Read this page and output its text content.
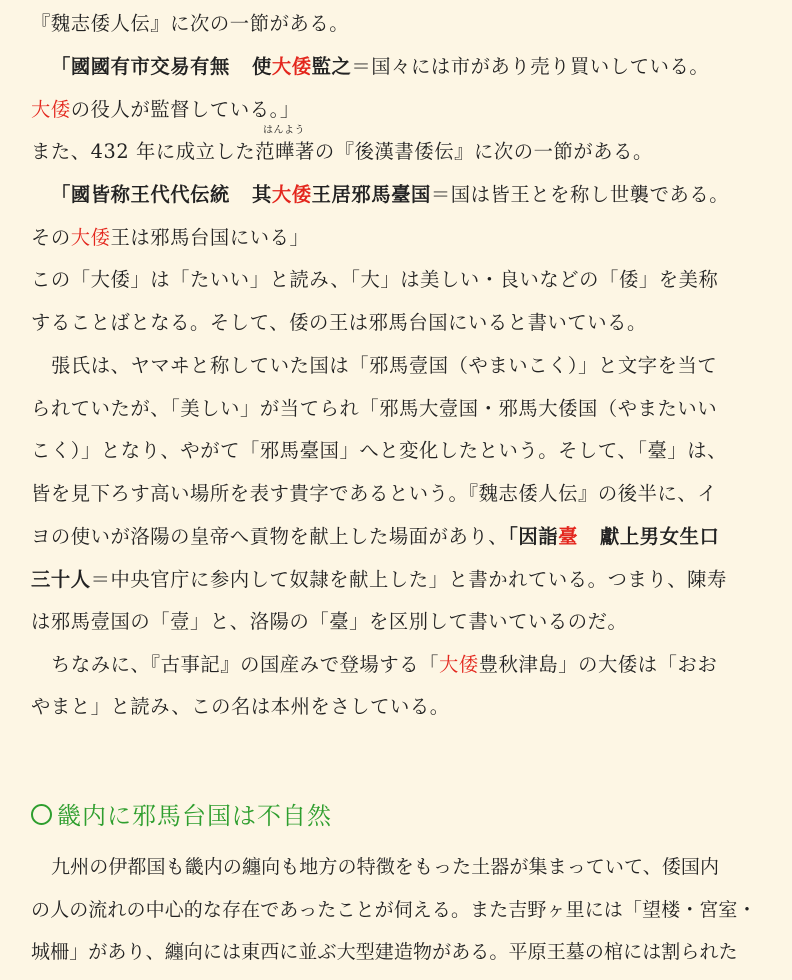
『魏志倭人伝』に次の一節がある。
「國國有市交易有無 使大倭監之＝国々には市があり売り買いしている。
大倭の役人が監督している。」
はんよう
また、432 年に成立した范曄著の『後漢書倭伝』に次の一節がある。
「國皆称王代代伝統 其大倭王居邪馬臺国＝国は皆王とを称し世襲である。
その大倭王は邪馬台国にいる」
この「大倭」は「たいい」と読み、「大」は美しい・良いなどの「倭」を美称
することばとなる。そして、倭の王は邪馬台国にいると書いている。
張氏は、ヤマヰと称していた国は「邪馬壹国（やまいこく）」と文字を当て
られていたが、「美しい」が当てられ「邪馬大壹国・邪馬大倭国（やまたいい
こく）」となり、やがて「邪馬臺国」へと変化したという。そして、「臺」は、
皆を見下ろす高い場所を表す貴字であるという。『魏志倭人伝』の後半に、イ
ヨの使いが洛陽の皇帝へ貢物を献上した場面があり、「因詣臺 獻上男女生口
三十人＝中央官庁に参内して奴隷を献上した」と書かれている。つまり、陳寿
は邪馬壹国の「壹」と、洛陽の「臺」を区別して書いているのだ。
ちなみに、『古事記』の国産みで登場する「大倭豊秋津島」の大倭は「おお
やまと」と読み、この名は本州をさしている。
畿内に邪馬台国は不自然
九州の伊都国も畿内の纏向も地方の特徴をもった土器が集まっていて、倭国内
の人の流れの中心的な存在であったことが伺える。また吉野ヶ里には「望楼・宮室・
城柵」があり、纏向には東西に並ぶ大型建造物がある。平原王墓の棺には割られた
